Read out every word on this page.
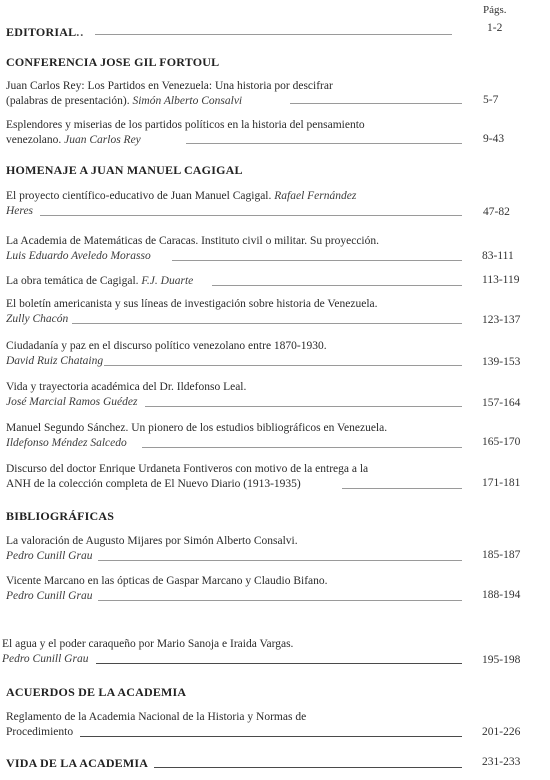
Págs.
EDITORIAL..	1-2
CONFERENCIA JOSE GIL FORTOUL
Juan Carlos Rey: Los Partidos en Venezuela: Una historia por descifrar
(palabras de presentación). Simón Alberto Consalvi	5-7
Esplendores y miserias de los partidos políticos en la historia del pensamiento
venezolano. Juan Carlos Rey	9-43
HOMENAJE A JUAN MANUEL CAGIGAL
El proyecto científico-educativo de Juan Manuel Cagigal. Rafael Fernández
Heres	47-82
La Academia de Matemáticas de Caracas. Instituto civil o militar. Su proyección.
Luis Eduardo Aveledo Morasso	83-111
La obra temática de Cagigal. F.J. Duarte	113-119
El boletín americanista y sus líneas de investigación sobre historia de Venezuela.
Zully Chacón	123-137
Ciudadanía y paz en el discurso político venezolano entre 1870-1930.
David Ruiz Chataing	139-153
Vida y trayectoria académica del Dr. Ildefonso Leal.
José Marcial Ramos Guédez	157-164
Manuel Segundo Sánchez. Un pionero de los estudios bibliográficos en Venezuela.
Ildefonso Méndez Salcedo	165-170
Discurso del doctor Enrique Urdaneta Fontiveros con motivo de la entrega a la
ANH de la colección completa de El Nuevo Diario (1913-1935)	171-181
BIBLIOGRÁFICAS
La valoración de Augusto Mijares por Simón Alberto Consalvi.
Pedro Cunill Grau	185-187
Vicente Marcano en las ópticas de Gaspar Marcano y Claudio Bifano.
Pedro Cunill Grau	188-194
El agua y el poder caraqueño por Mario Sanoja e Iraida Vargas.
Pedro Cunill Grau	195-198
ACUERDOS DE LA ACADEMIA
Reglamento de la Academia Nacional de la Historia y Normas de
Procedimiento	201-226
VIDA DE LA ACADEMIA	231-233
